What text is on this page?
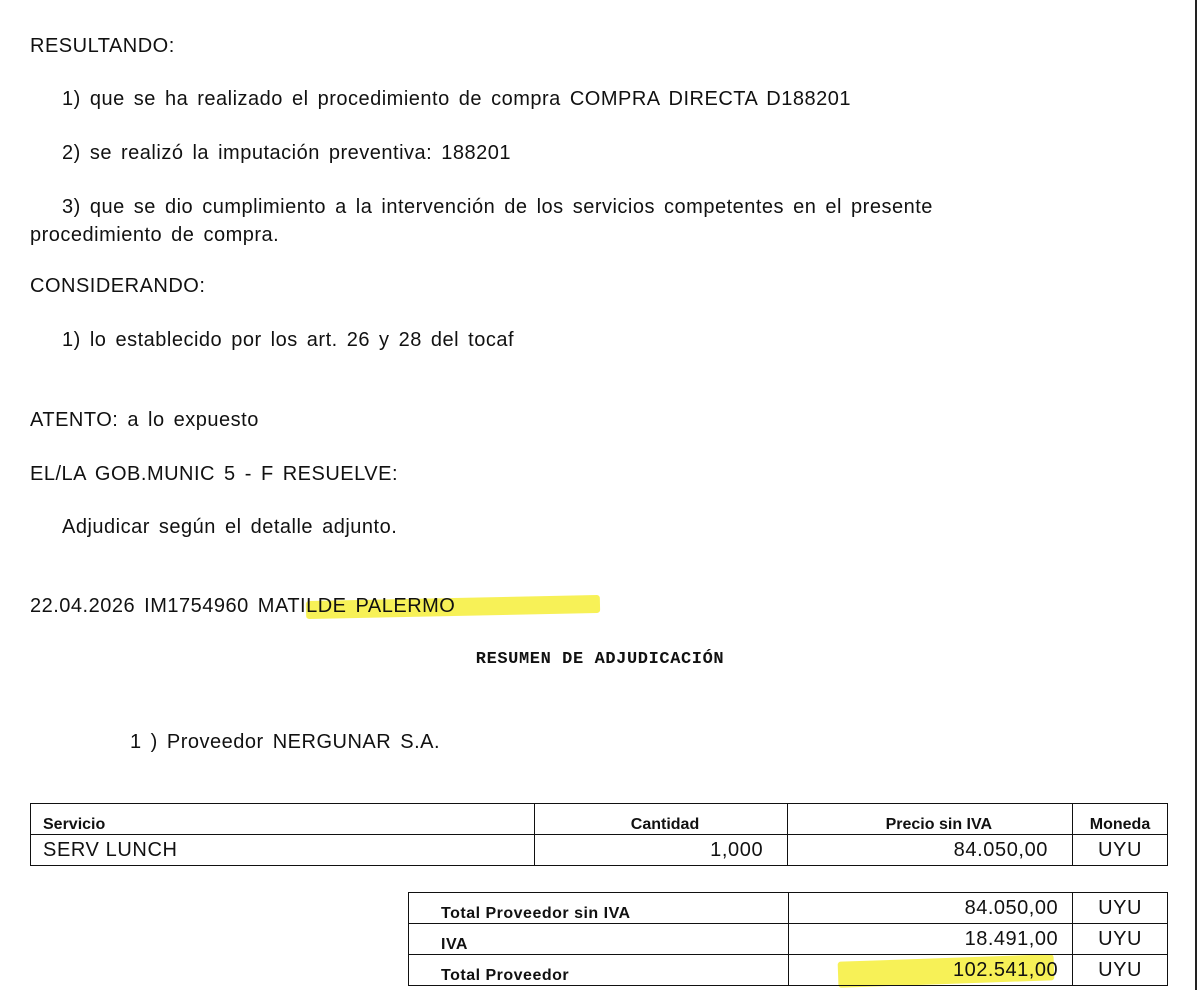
RESULTANDO:
1) que se ha realizado el procedimiento de compra COMPRA DIRECTA D188201
2) se realizó la imputación preventiva: 188201
3) que se dio cumplimiento a la intervención de los servicios competentes en el presente
procedimiento de compra.
CONSIDERANDO:
1) lo establecido por los art. 26 y 28 del tocaf
ATENTO: a lo expuesto
EL/LA GOB.MUNIC 5 - F RESUELVE:
Adjudicar según el detalle adjunto.
22.04.2026 IM1754960 MATILDE PALERMO
RESUMEN DE ADJUDICACIÓN
1 ) Proveedor NERGUNAR S.A.
Servicio	Cantidad	Precio sin IVA	Moneda
SERV LUNCH	1,000	84.050,00	UYU
Total Proveedor sin IVA	84.050,00	UYU
IVA	18.491,00	UYU
Total Proveedor	102.541,00	UYU
